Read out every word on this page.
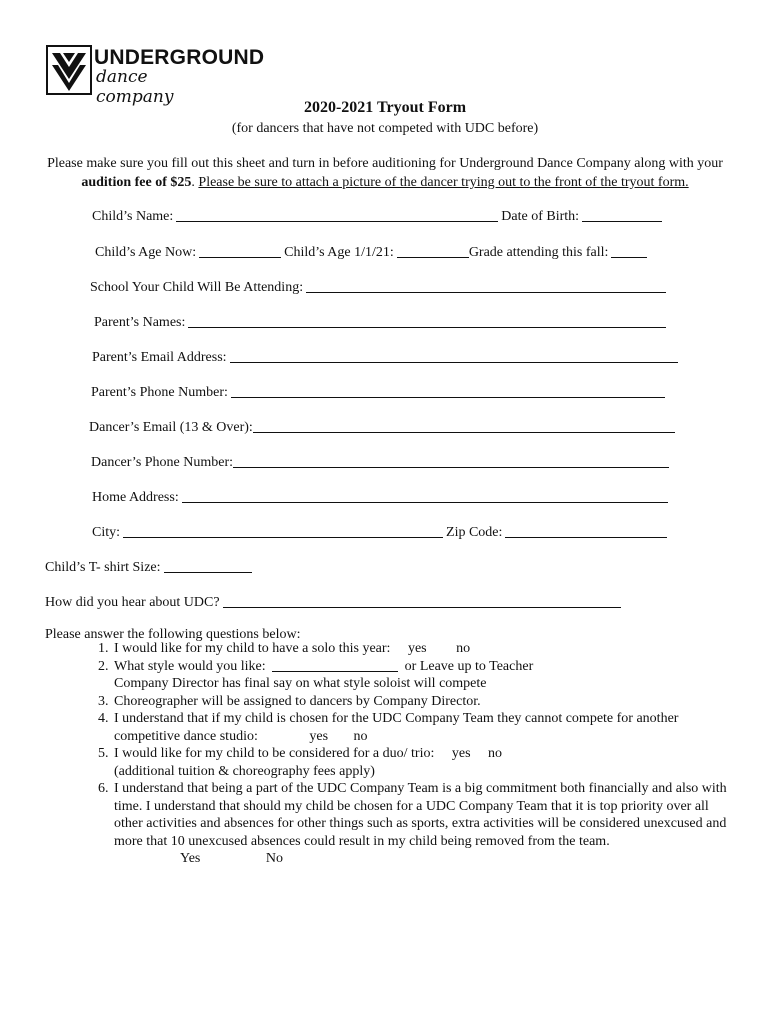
UNDERGROUND
dance company
2020-2021 Tryout Form
(for dancers that have not competed with UDC before)
Please make sure you fill out this sheet and turn in before auditioning for Underground Dance Company along with your audition fee of $25. Please be sure to attach a picture of the dancer trying out to the front of the tryout form.
Child’s Name:	Date of Birth:
Child’s Age Now:	Child’s Age 1/1/21:	Grade attending this fall:
School Your Child Will Be Attending:
Parent’s Names:
Parent’s Email Address:
Parent’s Phone Number:
Dancer’s Email (13 & Over):
Dancer’s Phone Number:
Home Address:
City:	Zip Code:
Child’s T- shirt Size:
How did you hear about UDC?
Please answer the following questions below:
1. I would like for my child to have a solo this year: yes no
2. What style would you like:	or Leave up to Teacher
Company Director has final say on what style soloist will compete
3. Choreographer will be assigned to dancers by Company Director.
4. I understand that if my child is chosen for the UDC Company Team they cannot compete for another competitive dance studio:	yes no
5. I would like for my child to be considered for a duo/ trio: yes no
(additional tuition & choreography fees apply)
6. I understand that being a part of the UDC Company Team is a big commitment both financially and also with time. I understand that should my child be chosen for a UDC Company Team that it is top priority over all other activities and absences for other things such as sports, extra activities will be considered unexcused and more that 10 unexcused absences could result in my child being removed from the team.
Yes	No
